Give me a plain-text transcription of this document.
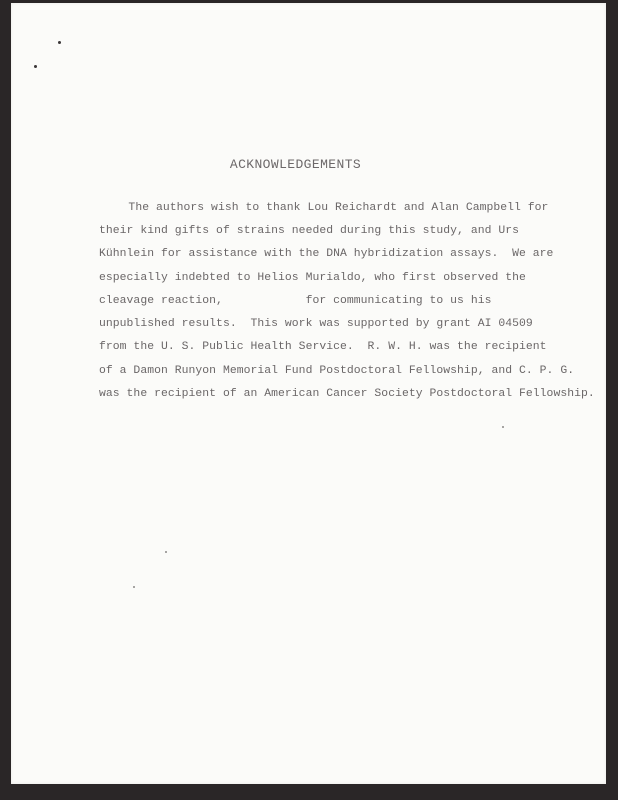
ACKNOWLEDGEMENTS
The authors wish to thank Lou Reichardt and Alan Campbell for
their kind gifts of strains needed during this study, and Urs
Kühnlein for assistance with the DNA hybridization assays.  We are
especially indebted to Helios Murialdo, who first observed the
cleavage reaction,            for communicating to us his
unpublished results.  This work was supported by grant AI 04509
from the U. S. Public Health Service.  R. W. H. was the recipient
of a Damon Runyon Memorial Fund Postdoctoral Fellowship, and C. P. G.
was the recipient of an American Cancer Society Postdoctoral Fellowship.
